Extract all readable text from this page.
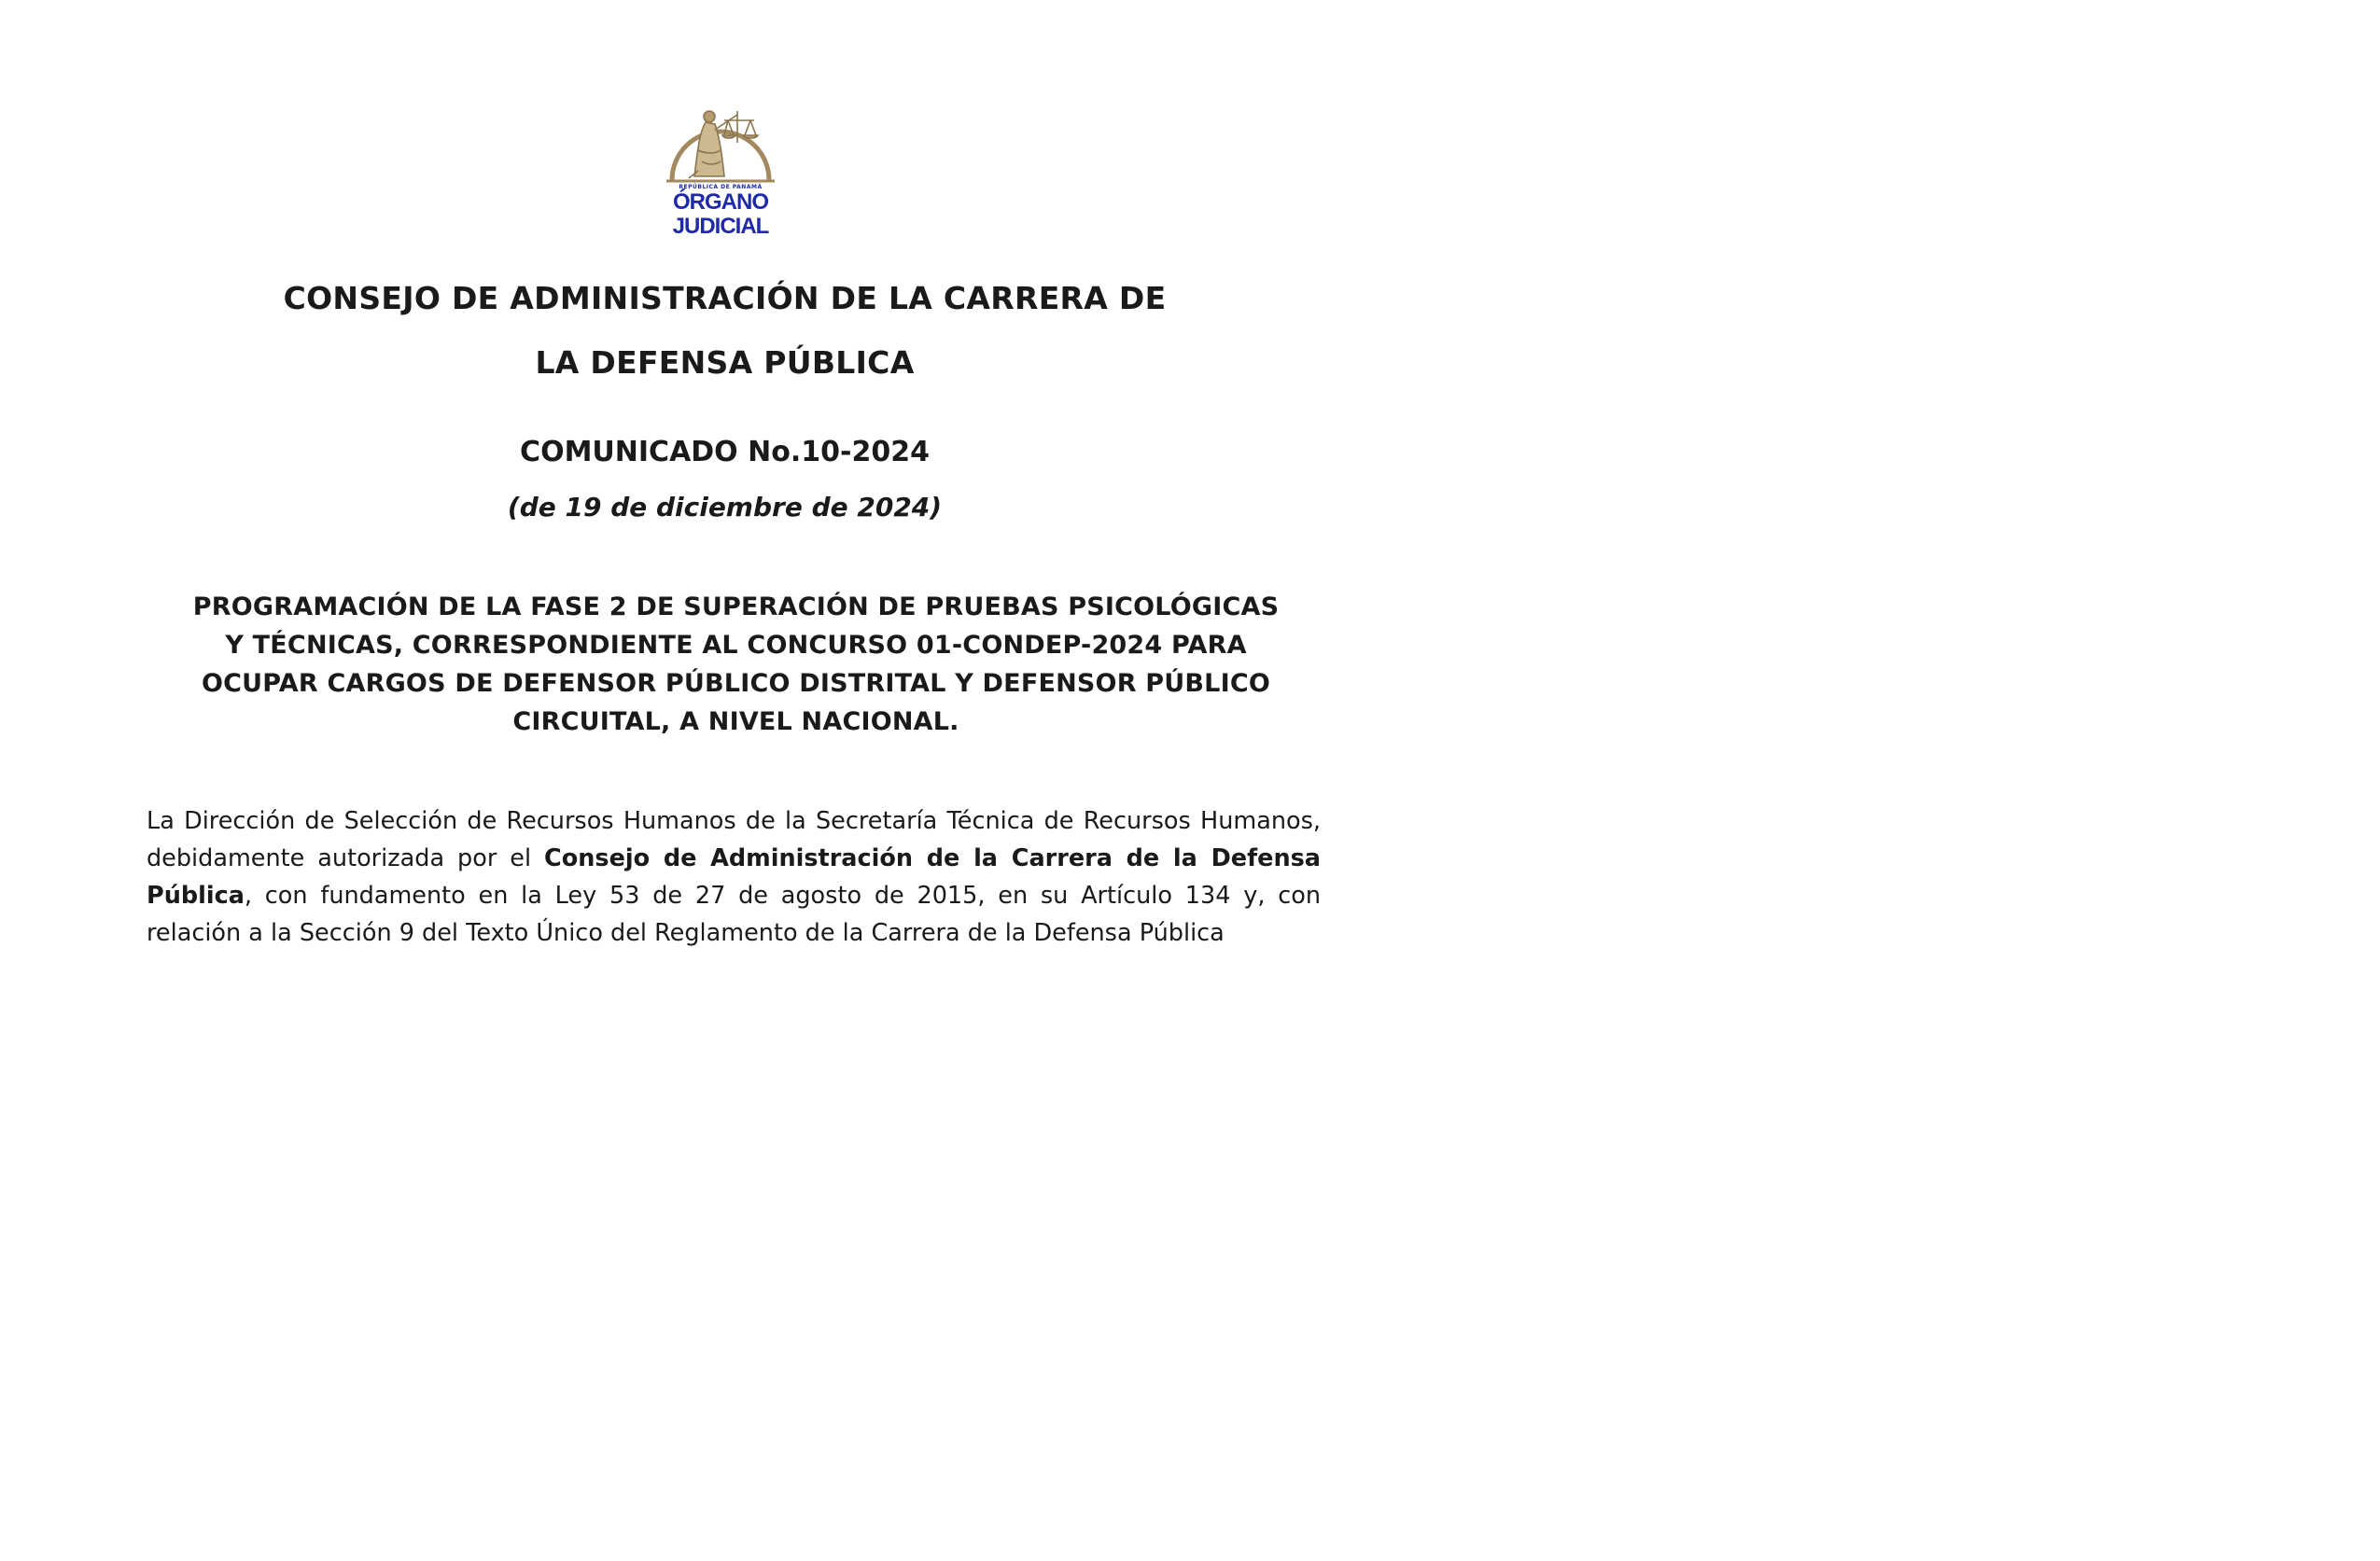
REPÚBLICA DE PANAMÁ
ÓRGANO
JUDICIAL
CONSEJO DE ADMINISTRACIÓN DE LA CARRERA DE
LA DEFENSA PÚBLICA
COMUNICADO No.10-2024
(de 19 de diciembre de 2024)
PROGRAMACIÓN DE LA FASE 2 DE SUPERACIÓN DE PRUEBAS PSICOLÓGICAS Y TÉCNICAS, CORRESPONDIENTE AL CONCURSO 01-CONDEP-2024 PARA OCUPAR CARGOS DE DEFENSOR PÚBLICO DISTRITAL Y DEFENSOR PÚBLICO CIRCUITAL, A NIVEL NACIONAL.
La Dirección de Selección de Recursos Humanos de la Secretaría Técnica de Recursos Humanos, debidamente autorizada por el Consejo de Administración de la Carrera de la Defensa Pública, con fundamento en la Ley 53 de 27 de agosto de 2015, en su Artículo 134 y, con relación a la Sección 9 del Texto Único del Reglamento de la Carrera de la Defensa Pública
